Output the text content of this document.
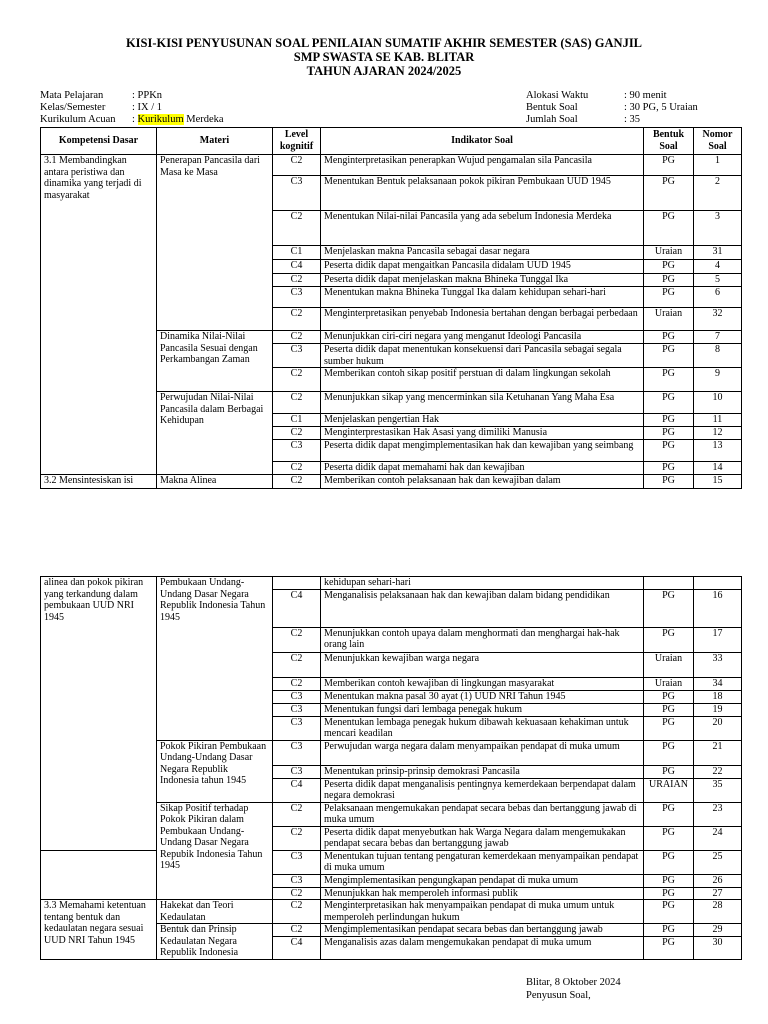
KISI-KISI PENYUSUNAN SOAL PENILAIAN SUMATIF AKHIR SEMESTER (SAS) GANJIL
SMP SWASTA SE KAB. BLITAR
TAHUN AJARAN 2024/2025
Mata Pelajaran	: PPKn
Kelas/Semester	: IX / 1
Kurikulum Acuan : Kurikulum Merdeka
Alokasi Waktu	: 90 menit
Bentuk Soal	: 30 PG, 5 Uraian
Jumlah Soal	: 35
Kompetensi Dasar	Materi	Level kognitif	Indikator Soal	Bentuk Soal	Nomor Soal
3.1 Membandingkan antara peristiwa dan dinamika yang terjadi di masyarakat	Penerapan Pancasila dari Masa ke Masa	C2	Menginterpretasikan penerapkan Wujud pengamalan sila Pancasila	PG	1
		C3	Menentukan Bentuk pelaksanaan pokok pikiran Pembukaan UUD 1945	PG	2
		C2	Menentukan Nilai-nilai Pancasila yang ada sebelum Indonesia Merdeka	PG	3
		C1	Menjelaskan makna Pancasila sebagai dasar negara	Uraian	31
		C4	Peserta didik dapat mengaitkan Pancasila didalam UUD 1945	PG	4
		C2	Peserta didik dapat menjelaskan makna Bhineka Tunggal Ika	PG	5
		C3	Menentukan makna Bhineka Tunggal Ika dalam kehidupan sehari-hari	PG	6
		C2	Menginterpretasikan penyebab Indonesia bertahan dengan berbagai perbedaan	Uraian	32
	Dinamika Nilai-Nilai Pancasila Sesuai dengan Perkambangan Zaman	C2	Menunjukkan ciri-ciri negara yang menganut Ideologi Pancasila	PG	7
		C3	Peserta didik dapat menentukan konsekuensi dari Pancasila sebagai segala sumber hukum	PG	8
		C2	Memberikan contoh sikap positif perstuan di dalam lingkungan sekolah	PG	9
	Perwujudan Nilai-Nilai Pancasila dalam Berbagai Kehidupan	C2	Menunjukkan sikap yang mencerminkan sila Ketuhanan Yang Maha Esa	PG	10
		C1	Menjelaskan pengertian Hak	PG	11
		C2	Menginterprestasikan Hak Asasi yang dimiliki Manusia	PG	12
		C3	Peserta didik dapat mengimplementasikan hak dan kewajiban yang seimbang	PG	13
		C2	Peserta didik dapat memahami hak dan kewajiban	PG	14
3.2 Mensintesiskan isi	Makna Alinea	C2	Memberikan contoh pelaksanaan hak dan kewajiban dalam	PG	15
alinea dan pokok pikiran yang terkandung dalam pembukaan UUD NRI 1945	Pembukaan Undang-Undang Dasar Negara Republik Indonesia Tahun 1945		kehidupan sehari-hari		
		C4	Menganalisis pelaksanaan hak dan kewajiban dalam bidang pendidikan	PG	16
		C2	Menunjukkan contoh upaya dalam menghormati dan menghargai hak-hak orang lain	PG	17
		C2	Menunjukkan kewajiban warga negara	Uraian	33
		C2	Memberikan contoh kewajiban di lingkungan masyarakat	Uraian	34
		C3	Menentukan makna pasal 30 ayat (1) UUD NRI Tahun 1945	PG	18
		C3	Menentukan fungsi dari lembaga penegak hukum	PG	19
		C3	Menentukan lembaga penegak hukum dibawah kekuasaan kehakiman untuk mencari keadilan	PG	20
	Pokok Pikiran Pembukaan Undang-Undang Dasar Negara Republik Indonesia tahun 1945	C3	Perwujudan warga negara dalam menyampaikan pendapat di muka umum	PG	21
		C3	Menentukan prinsip-prinsip demokrasi Pancasila	PG	22
		C4	Peserta didik dapat menganalisis pentingnya kemerdekaan berpendapat dalam negara demokrasi	URAIAN	35
	Sikap Positif terhadap Pokok Pikiran dalam Pembukaan Undang-Undang Dasar Negara Repubik Indonesia Tahun 1945	C2	Pelaksanaan mengemukakan pendapat secara bebas dan bertanggung jawab di muka umum	PG	23
		C2	Peserta didik dapat menyebutkan hak Warga Negara dalam mengemukakan pendapat secara bebas dan bertanggung jawab	PG	24
		C3	Menentukan tujuan tentang pengaturan kemerdekaan menyampaikan pendapat di muka umum	PG	25
		C3	Mengimplementasikan pengungkapan pendapat di muka umum	PG	26
		C2	Menunjukkan hak memperoleh informasi publik	PG	27
3.3 Memahami ketentuan tentang bentuk dan kedaulatan negara sesuai UUD NRI Tahun 1945	Hakekat dan Teori Kedaulatan	C2	Menginterpretasikan hak menyampaikan pendapat di muka umum untuk memperoleh perlindungan hukum	PG	28
	Bentuk dan Prinsip Kedaulatan Negara Republik Indonesia	C2	Mengimplementasikan pendapat secara bebas dan bertanggung jawab	PG	29
		C4	Menganalisis azas dalam mengemukakan pendapat di muka umum	PG	30
Blitar, 8 Oktober 2024
Penyusun Soal,
